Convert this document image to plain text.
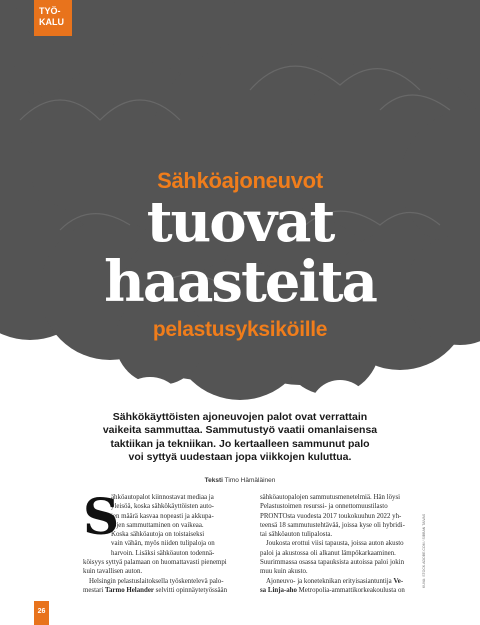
TYÖ-
KALU
Sähköajoneuvot
tuovat
haasteita
pelastusyksiköille
Sähkökäyttöisten ajoneuvojen palot ovat verrattain
vaikeita sammuttaa. Sammutustyö vaatii omanlaisensa
taktiikan ja tekniikan. Jo kertaalleen sammunut palo
voi syttyä uudestaan jopa viikkojen kuluttua.
Teksti Timo Hämäläinen
S
ähköautopalot kiinnostavat mediaa ja
yleisöä, koska sähkökäyttöisten auto-
jen määrä kasvaa nopeasti ja akkupa-
lojen sammuttaminen on vaikeaa.
Koska sähköautoja on toistaiseksi
vain vähän, myös niiden tulipaloja on
harvoin. Lisäksi sähköauton todennä-
köisyys syttyä palamaan on huomattavasti pienempi
kuin tavallisen auton.
Helsingin pelastuslaitoksella työskentelevä palo-
mestari Tarmo Helander selvitti opinnäytetyössään
sähköautopalojen sammutusmenetelmiä. Hän löysi
Pelastustoimen resurssi- ja onnettomuustilasto
PRONTOsta vuodesta 2017 toukokuuhun 2022 yh-
teensä 18 sammutustehtävää, joissa kyse oli hybridi-
tai sähköauton tulipalosta.
Joukosta erottui viisi tapausta, joissa auton akusto
paloi ja akustossa oli alkanut lämpökarkaaminen.
Suurimmassa osassa tapauksista autoissa paloi jokin
muu kuin akusto.
Ajoneuvo- ja koneteknikan erityisasiantuntija Ve-
sa Linja-aho Metropolia-ammattikorkeakoulusta on
KUVA: STOCK.ADOBE.COM / SIBBAN TAIVAS
26
